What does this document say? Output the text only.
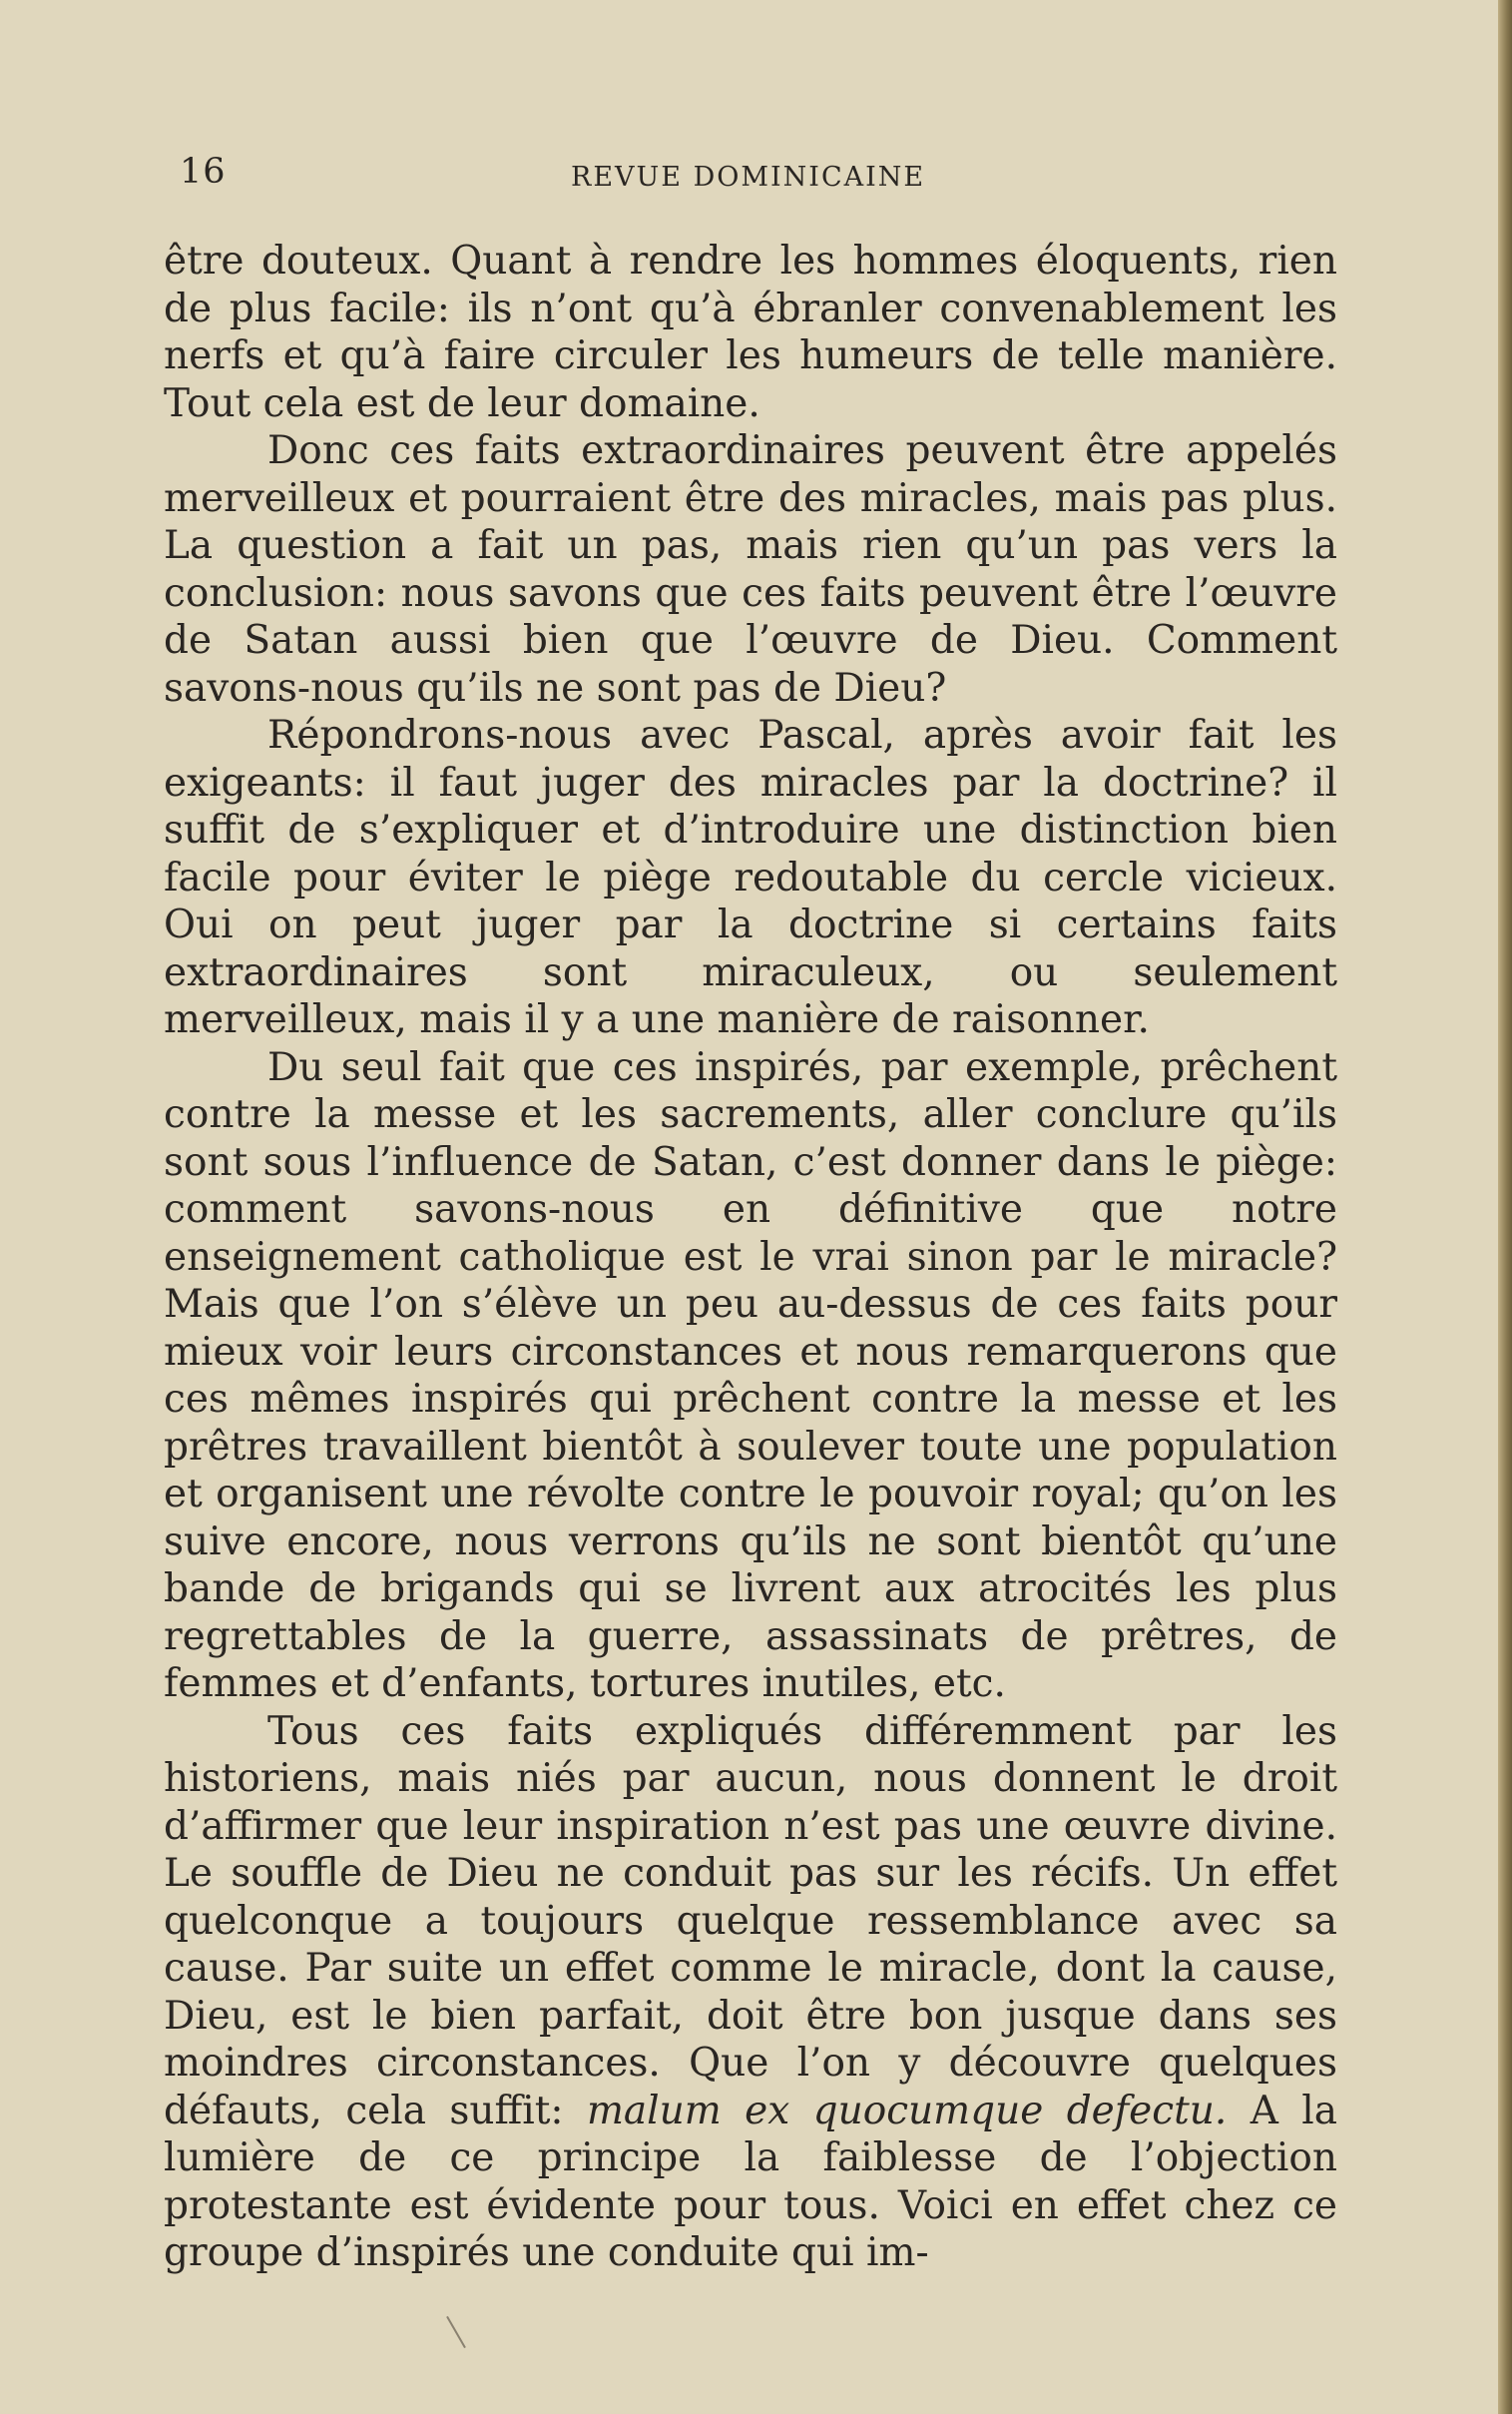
16	REVUE DOMINICAINE

être douteux. Quant à rendre les hommes éloquents, rien de plus facile: ils n’ont qu’à ébranler convenablement les nerfs et qu’à faire circuler les humeurs de telle manière. Tout cela est de leur domaine.

Donc ces faits extraordinaires peuvent être appelés merveilleux et pourraient être des miracles, mais pas plus. La question a fait un pas, mais rien qu’un pas vers la conclusion: nous savons que ces faits peuvent être l’œuvre de Satan aussi bien que l’œuvre de Dieu. Comment savons-nous qu’ils ne sont pas de Dieu?

Répondrons-nous avec Pascal, après avoir fait les exigeants: il faut juger des miracles par la doctrine? il suffit de s’expliquer et d’introduire une distinction bien facile pour éviter le piège redoutable du cercle vicieux. Oui on peut juger par la doctrine si certains faits extraordinaires sont miraculeux, ou seulement merveilleux, mais il y a une manière de raisonner.

Du seul fait que ces inspirés, par exemple, prêchent contre la messe et les sacrements, aller conclure qu’ils sont sous l’influence de Satan, c’est donner dans le piège: comment savons-nous en définitive que notre enseignement catholique est le vrai sinon par le miracle? Mais que l’on s’élève un peu au-dessus de ces faits pour mieux voir leurs circonstances et nous remarquerons que ces mêmes inspirés qui prêchent contre la messe et les prêtres travaillent bientôt à soulever toute une population et organisent une révolte contre le pouvoir royal; qu’on les suive encore, nous verrons qu’ils ne sont bientôt qu’une bande de brigands qui se livrent aux atrocités les plus regrettables de la guerre, assassinats de prêtres, de femmes et d’enfants, tortures inutiles, etc.

Tous ces faits expliqués différemment par les historiens, mais niés par aucun, nous donnent le droit d’affirmer que leur inspiration n’est pas une œuvre divine. Le souffle de Dieu ne conduit pas sur les récifs. Un effet quelconque a toujours quelque ressemblance avec sa cause. Par suite un effet comme le miracle, dont la cause, Dieu, est le bien parfait, doit être bon jusque dans ses moindres circonstances. Que l’on y découvre quelques défauts, cela suffit: malum ex quocumque defectu. A la lumière de ce principe la faiblesse de l’objection protestante est évidente pour tous. Voici en effet chez ce groupe d’inspirés une conduite qui im-
